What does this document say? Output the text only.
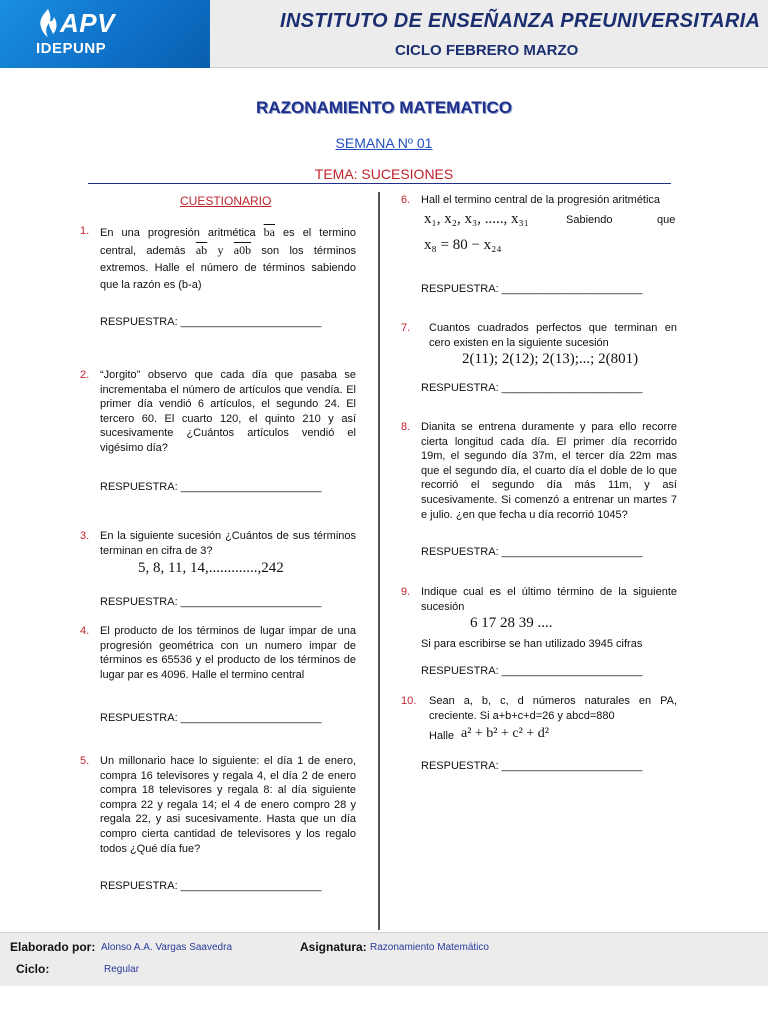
APV
IDEPUNP
INSTITUTO DE ENSEÑANZA PREUNIVERSITARIA
CICLO FEBRERO MARZO
RAZONAMIENTO MATEMATICO
SEMANA Nº 01
TEMA: SUCESIONES
CUESTIONARIO
1. En una progresión aritmética $\overline{ba}$ es el termino central, además $\overline{ab}$ y a0b son los términos extremos. Halle el número de términos sabiendo que la razón es (b-a)
RESPUESTRA: _______________________
2. “Jorgito” observo que cada día que pasaba se incrementaba el número de artículos que vendía. El primer día vendió 6 artículos, el segundo 24. El tercero 60. El cuarto 120, el quinto 210 y así sucesivamente ¿Cuántos artículos vendió el vigésimo día?
RESPUESTRA: _______________________
3. En la siguiente sucesión ¿Cuántos de sus términos terminan en cifra de 3?
5, 8, 11, 14,.............,242
RESPUESTRA: _______________________
4. El producto de los términos de lugar impar de una progresión geométrica con un numero impar de términos es 65536 y el producto de los términos de lugar par es 4096. Halle el termino central
RESPUESTRA: _______________________
5. Un millonario hace lo siguiente: el día 1 de enero, compra 16 televisores y regala 4, el día 2 de enero compra 18 televisores y regala 8: al día siguiente compra 22 y regala 14; el 4 de enero compro 28 y regala 22, y asi sucesivamente. Hasta que un día compro cierta cantidad de televisores y los regalo todos ¿Qué día fue?
RESPUESTRA: _______________________
6. Hall el termino central de la progresión aritmética
x₁, x₂, x₃, ....., x₃₁	Sabiendo	que
x₈ = 80 − x₂₄
RESPUESTRA: _______________________
7. Cuantos cuadrados perfectos que terminan en cero existen en la siguiente sucesión
2(11); 2(12); 2(13);...; 2(801)
RESPUESTRA: _______________________
8. Dianita se entrena duramente y para ello recorre cierta longitud cada día. El primer día recorrido 19m, el segundo día 37m, el tercer día 22m mas que el segundo día, el cuarto día el doble de lo que recorrió el segundo día más 11m, y así sucesivamente. Si comenzó a entrenar un martes 7 e julio. ¿en que fecha u día recorrió 1045?
RESPUESTRA: _______________________
9. Indique cual es el último término de la siguiente sucesión
6 17 28 39 ....
Si para escribirse se han utilizado 3945 cifras
RESPUESTRA: _______________________
10. Sean a, b, c, d números naturales en PA, creciente. Si a+b+c+d=26 y abcd=880
Halle a² + b² + c² + d²
RESPUESTRA: _______________________
Elaborado por: Alonso A.A. Vargas Saavedra	Asignatura: Razonamiento Matemático
Ciclo:	Regular
